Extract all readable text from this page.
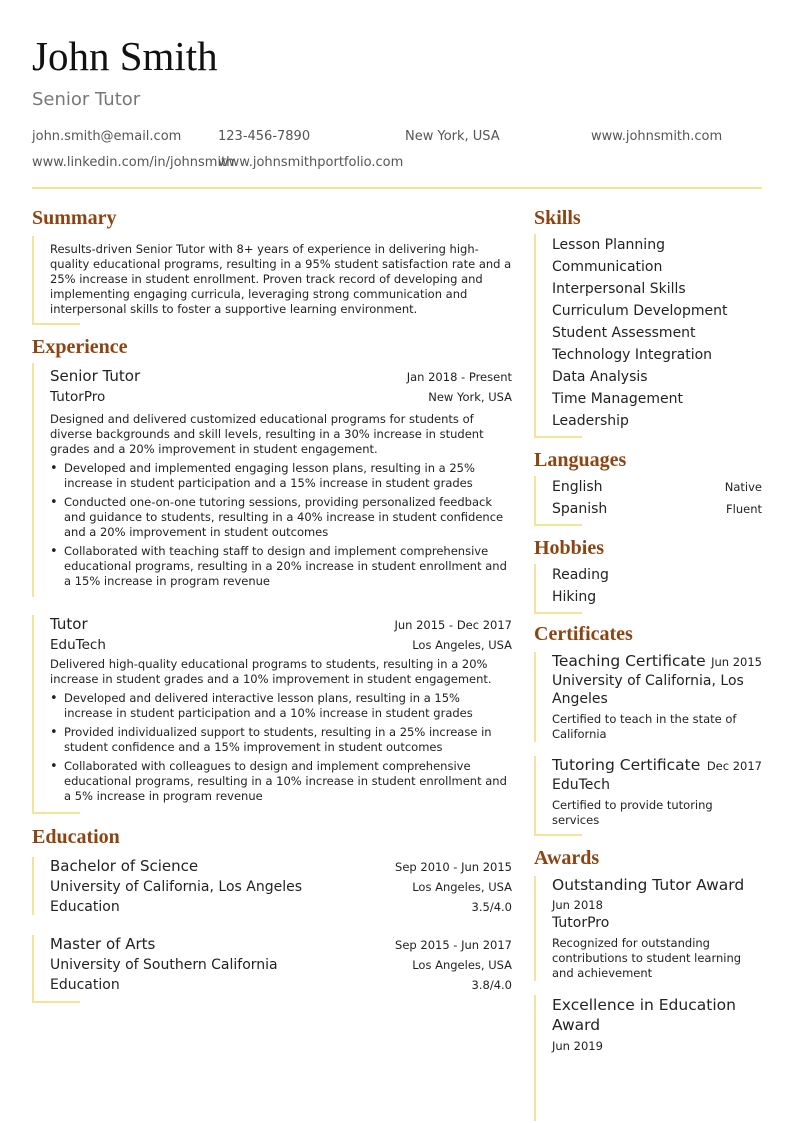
John Smith
Senior Tutor
john.smith@email.com	123-456-7890	New York, USA	www.johnsmith.com
www.linkedin.com/in/johnsmith
www.johnsmithportfolio.com
Summary
Results-driven Senior Tutor with 8+ years of experience in delivering high-quality educational programs, resulting in a 95% student satisfaction rate and a 25% increase in student enrollment. Proven track record of developing and implementing engaging curricula, leveraging strong communication and interpersonal skills to foster a supportive learning environment.
Experience
Senior Tutor	Jan 2018 - Present
TutorPro	New York, USA
Designed and delivered customized educational programs for students of diverse backgrounds and skill levels, resulting in a 30% increase in student grades and a 20% improvement in student engagement.
• Developed and implemented engaging lesson plans, resulting in a 25% increase in student participation and a 15% increase in student grades
• Conducted one-on-one tutoring sessions, providing personalized feedback and guidance to students, resulting in a 40% increase in student confidence and a 20% improvement in student outcomes
• Collaborated with teaching staff to design and implement comprehensive educational programs, resulting in a 20% increase in student enrollment and a 15% increase in program revenue
Tutor	Jun 2015 - Dec 2017
EduTech	Los Angeles, USA
Delivered high-quality educational programs to students, resulting in a 20% increase in student grades and a 10% improvement in student engagement.
• Developed and delivered interactive lesson plans, resulting in a 15% increase in student participation and a 10% increase in student grades
• Provided individualized support to students, resulting in a 25% increase in student confidence and a 15% improvement in student outcomes
• Collaborated with colleagues to design and implement comprehensive educational programs, resulting in a 10% increase in student enrollment and a 5% increase in program revenue
Education
Bachelor of Science	Sep 2010 - Jun 2015
University of California, Los Angeles	Los Angeles, USA
Education	3.5/4.0
Master of Arts	Sep 2015 - Jun 2017
University of Southern California	Los Angeles, USA
Education	3.8/4.0
Skills
Lesson Planning
Communication
Interpersonal Skills
Curriculum Development
Student Assessment
Technology Integration
Data Analysis
Time Management
Leadership
Languages
English	Native
Spanish	Fluent
Hobbies
Reading
Hiking
Certificates
Teaching Certificate Jun 2015
University of California, Los Angeles
Certified to teach in the state of California
Tutoring Certificate Dec 2017
EduTech
Certified to provide tutoring services
Awards
Outstanding Tutor Award
Jun 2018
TutorPro
Recognized for outstanding contributions to student learning and achievement
Excellence in Education Award
Jun 2019
